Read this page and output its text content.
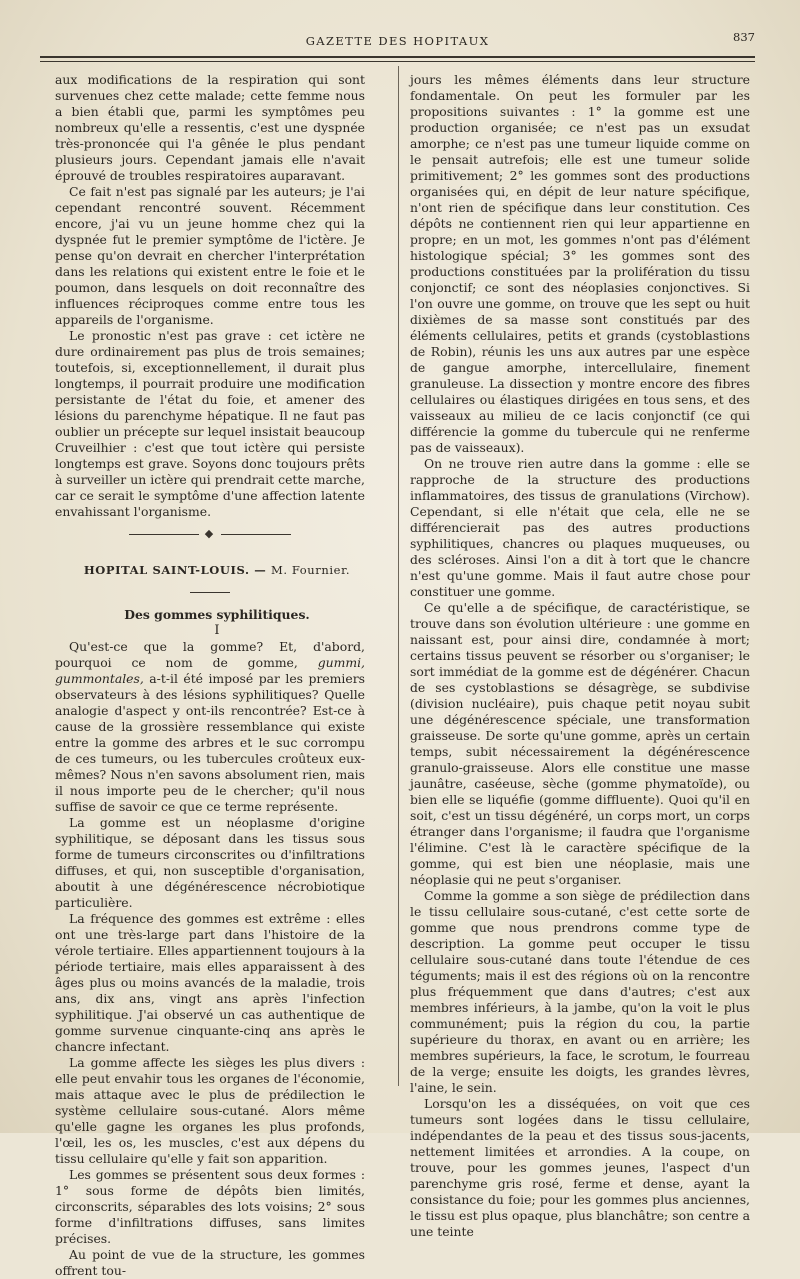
GAZETTE DES HOPITAUX	837

aux modifications de la respiration qui sont survenues chez cette malade; cette femme nous a bien établi que, parmi les symptômes peu nombreux qu'elle a ressentis, c'est une dyspnée très-prononcée qui l'a gênée le plus pendant plusieurs jours. Cependant jamais elle n'avait éprouvé de troubles respiratoires auparavant.

Ce fait n'est pas signalé par les auteurs; je l'ai cependant rencontré souvent. Récemment encore, j'ai vu un jeune homme chez qui la dyspnée fut le premier symptôme de l'ictère. Je pense qu'on devrait en chercher l'interprétation dans les relations qui existent entre le foie et le poumon, dans lesquels on doit reconnaître des influences réciproques comme entre tous les appareils de l'organisme.

Le pronostic n'est pas grave : cet ictère ne dure ordinairement pas plus de trois semaines; toutefois, si, exceptionnellement, il durait plus longtemps, il pourrait produire une modification persistante de l'état du foie, et amener des lésions du parenchyme hépatique. Il ne faut pas oublier un précepte sur lequel insistait beaucoup Cruveilhier : c'est que tout ictère qui persiste longtemps est grave. Soyons donc toujours prêts à surveiller un ictère qui prendrait cette marche, car ce serait le symptôme d'une affection latente envahissant l'organisme.

◆

HOPITAL SAINT-LOUIS. — M. Fournier.

Des gommes syphilitiques.

I

Qu'est-ce que la gomme? Et, d'abord, pourquoi ce nom de gomme, gummi, gummontales, a-t-il été imposé par les premiers observateurs à des lésions syphilitiques? Quelle analogie d'aspect y ont-ils rencontrée? Est-ce à cause de la grossière ressemblance qui existe entre la gomme des arbres et le suc corrompu de ces tumeurs, ou les tubercules croûteux eux-mêmes? Nous n'en savons absolument rien, mais il nous importe peu de le chercher; qu'il nous suffise de savoir ce que ce terme représente.

La gomme est un néoplasme d'origine syphilitique, se déposant dans les tissus sous forme de tumeurs circonscrites ou d'infiltrations diffuses, et qui, non susceptible d'organisation, aboutit à une dégénérescence nécrobiotique particulière.

La fréquence des gommes est extrême : elles ont une très-large part dans l'histoire de la vérole tertiaire. Elles appartiennent toujours à la période tertiaire, mais elles apparaissent à des âges plus ou moins avancés de la maladie, trois ans, dix ans, vingt ans après l'infection syphilitique. J'ai observé un cas authentique de gomme survenue cinquante-cinq ans après le chancre infectant.

La gomme affecte les sièges les plus divers : elle peut envahir tous les organes de l'économie, mais attaque avec le plus de prédilection le système cellulaire sous-cutané. Alors même qu'elle gagne les organes les plus profonds, l'œil, les os, les muscles, c'est aux dépens du tissu cellulaire qu'elle y fait son apparition.

Les gommes se présentent sous deux formes : 1° sous forme de dépôts bien limités, circonscrits, séparables des lots voisins; 2° sous forme d'infiltrations diffuses, sans limites précises.

Au point de vue de la structure, les gommes offrent tou-

jours les mêmes éléments dans leur structure fondamentale. On peut les formuler par les propositions suivantes : 1° la gomme est une production organisée; ce n'est pas un exsudat amorphe; ce n'est pas une tumeur liquide comme on le pensait autrefois; elle est une tumeur solide primitivement; 2° les gommes sont des productions organisées qui, en dépit de leur nature spécifique, n'ont rien de spécifique dans leur constitution. Ces dépôts ne contiennent rien qui leur appartienne en propre; en un mot, les gommes n'ont pas d'élément histologique spécial; 3° les gommes sont des productions constituées par la prolifération du tissu conjonctif; ce sont des néoplasies conjonctives. Si l'on ouvre une gomme, on trouve que les sept ou huit dixièmes de sa masse sont constitués par des éléments cellulaires, petits et grands (cystoblastions de Robin), réunis les uns aux autres par une espèce de gangue amorphe, intercellulaire, finement granuleuse. La dissection y montre encore des fibres cellulaires ou élastiques dirigées en tous sens, et des vaisseaux au milieu de ce lacis conjonctif (ce qui différencie la gomme du tubercule qui ne renferme pas de vaisseaux).

On ne trouve rien autre dans la gomme : elle se rapproche de la structure des productions inflammatoires, des tissus de granulations (Virchow). Cependant, si elle n'était que cela, elle ne se différencierait pas des autres productions syphilitiques, chancres ou plaques muqueuses, ou des scléroses. Ainsi l'on a dit à tort que le chancre n'est qu'une gomme. Mais il faut autre chose pour constituer une gomme.

Ce qu'elle a de spécifique, de caractéristique, se trouve dans son évolution ultérieure : une gomme en naissant est, pour ainsi dire, condamnée à mort; certains tissus peuvent se résorber ou s'organiser; le sort immédiat de la gomme est de dégénérer. Chacun de ses cystoblastions se désagrège, se subdivise (division nucléaire), puis chaque petit noyau subit une dégénérescence spéciale, une transformation graisseuse. De sorte qu'une gomme, après un certain temps, subit nécessairement la dégénérescence granulo-graisseuse. Alors elle constitue une masse jaunâtre, caséeuse, sèche (gomme phymatoïde), ou bien elle se liquéfie (gomme diffluente). Quoi qu'il en soit, c'est un tissu dégénéré, un corps mort, un corps étranger dans l'organisme; il faudra que l'organisme l'élimine. C'est là le caractère spécifique de la gomme, qui est bien une néoplasie, mais une néoplasie qui ne peut s'organiser.

Comme la gomme a son siège de prédilection dans le tissu cellulaire sous-cutané, c'est cette sorte de gomme que nous prendrons comme type de description. La gomme peut occuper le tissu cellulaire sous-cutané dans toute l'étendue de ces téguments; mais il est des régions où on la rencontre plus fréquemment que dans d'autres; c'est aux membres inférieurs, à la jambe, qu'on la voit le plus communément; puis la région du cou, la partie supérieure du thorax, en avant ou en arrière; les membres supérieurs, la face, le scrotum, le fourreau de la verge; ensuite les doigts, les grandes lèvres, l'aine, le sein.

Lorsqu'on les a disséquées, on voit que ces tumeurs sont logées dans le tissu cellulaire, indépendantes de la peau et des tissus sous-jacents, nettement limitées et arrondies. A la coupe, on trouve, pour les gommes jeunes, l'aspect d'un parenchyme gris rosé, ferme et dense, ayant la consistance du foie; pour les gommes plus anciennes, le tissu est plus opaque, plus blanchâtre; son centre a une teinte
